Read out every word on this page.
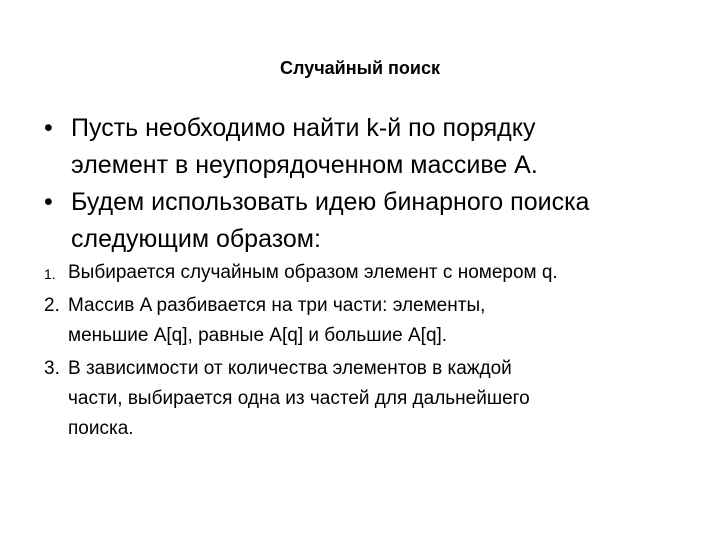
Случайный поиск
• Пусть необходимо найти k-й по порядку
элемент в неупорядоченном массиве A.
• Будем использовать идею бинарного поиска
следующим образом:
1. Выбирается случайным образом элемент с номером q.
2. Массив A разбивается на три части: элементы,
меньшие A[q], равные A[q] и большие A[q].
3. В зависимости от количества элементов в каждой
части, выбирается одна из частей для дальнейшего
поиска.
